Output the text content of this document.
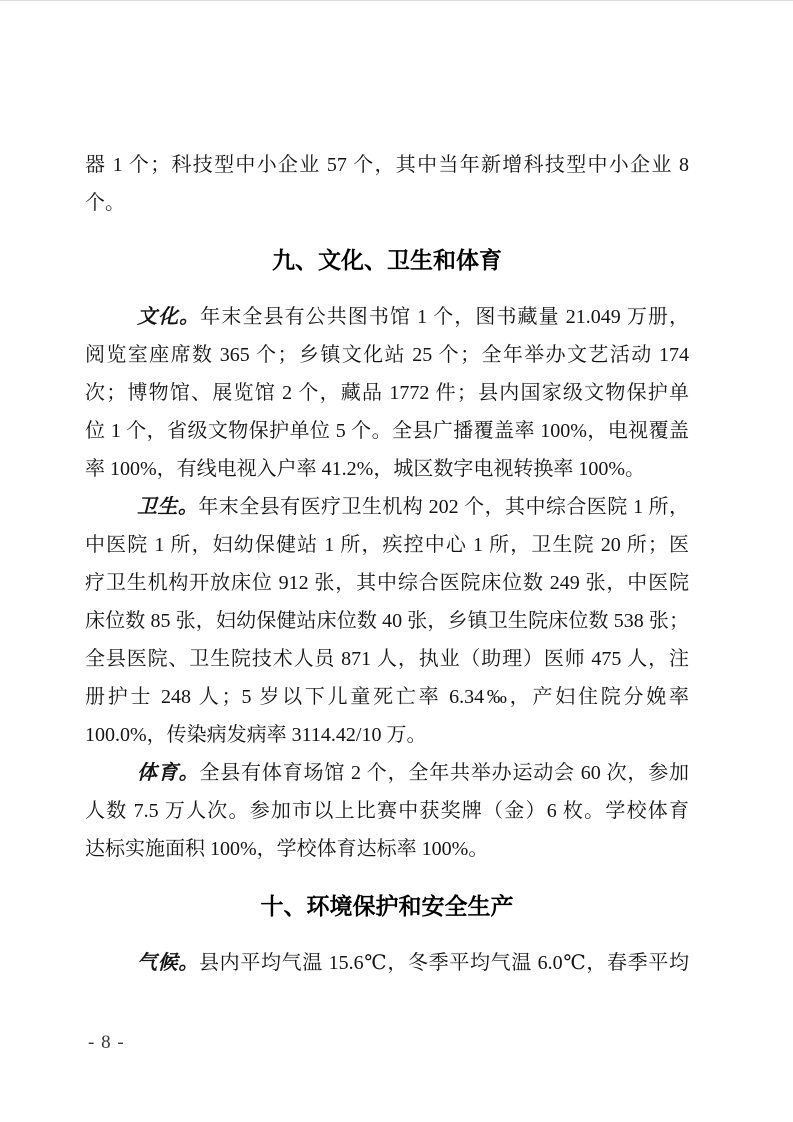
器 1 个；科技型中小企业 57 个，其中当年新增科技型中小企业 8
个。
九、文化、卫生和体育
文化。年末全县有公共图书馆 1 个，图书藏量 21.049 万册，
阅览室座席数 365 个；乡镇文化站 25 个；全年举办文艺活动 174
次；博物馆、展览馆 2 个，藏品 1772 件；县内国家级文物保护单
位 1 个，省级文物保护单位 5 个。全县广播覆盖率 100%，电视覆盖
率 100%，有线电视入户率 41.2%，城区数字电视转换率 100%。
卫生。年末全县有医疗卫生机构 202 个，其中综合医院 1 所，
中医院 1 所，妇幼保健站 1 所，疾控中心 1 所，卫生院 20 所；医
疗卫生机构开放床位 912 张，其中综合医院床位数 249 张，中医院
床位数 85 张，妇幼保健站床位数 40 张，乡镇卫生院床位数 538 张；
全县医院、卫生院技术人员 871 人，执业（助理）医师 475 人，注
册护士 248 人；5 岁以下儿童死亡率 6.34‰，产妇住院分娩率
100.0%，传染病发病率 3114.42/10 万。
体育。全县有体育场馆 2 个，全年共举办运动会 60 次，参加
人数 7.5 万人次。参加市以上比赛中获奖牌（金）6 枚。学校体育
达标实施面积 100%，学校体育达标率 100%。
十、环境保护和安全生产
气候。县内平均气温 15.6℃，冬季平均气温 6.0℃，春季平均
- 8 -
